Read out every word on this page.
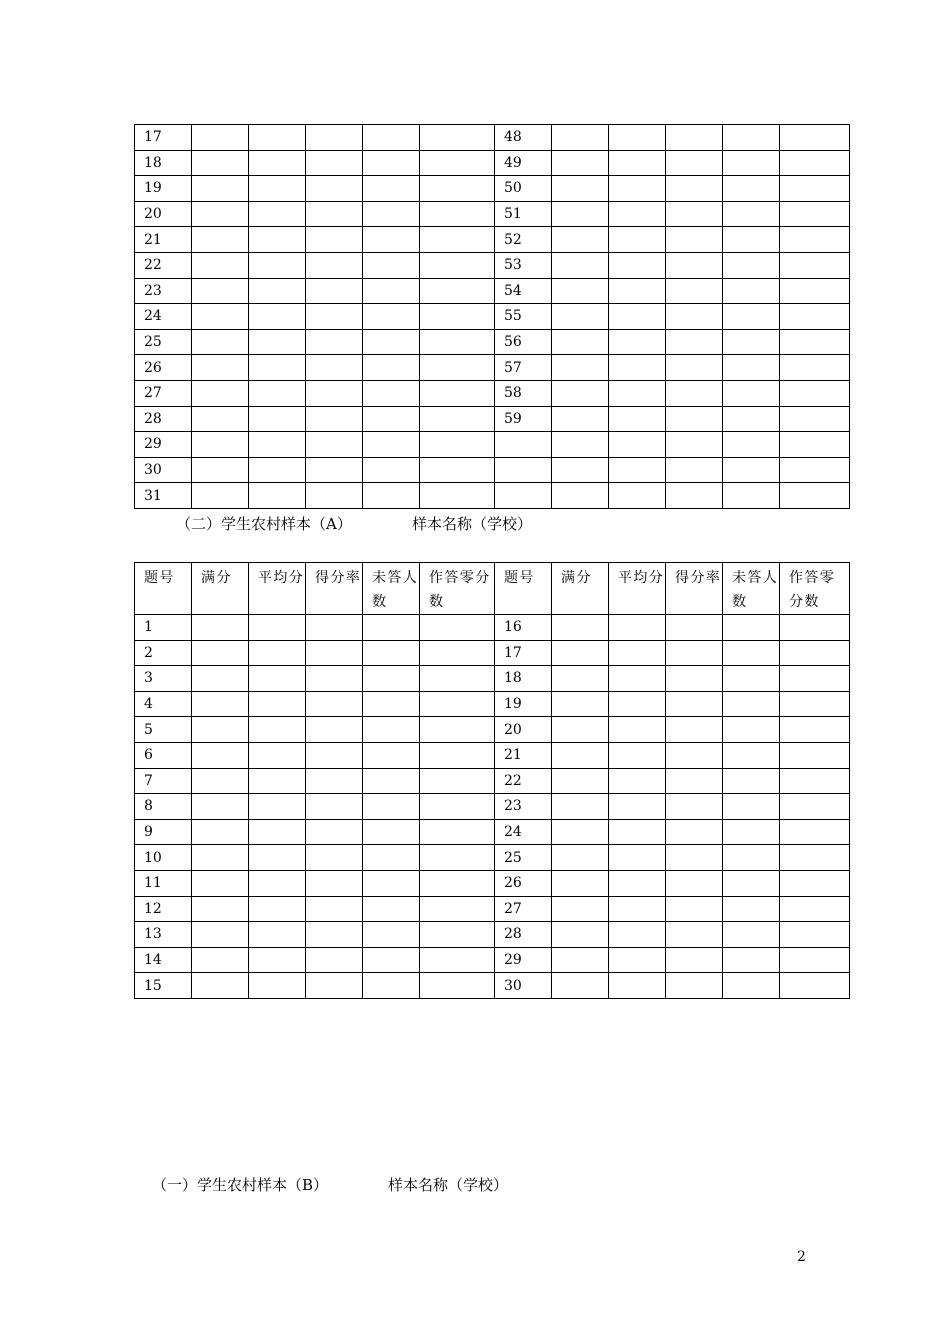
17						48					
18						49					
19						50					
20						51					
21						52					
22						53					
23						54					
24						55					
25						56					
26						57					
27						58					
28						59					
29											
30											
31											
（二）学生农村样本（A）	样本名称（学校）
题号	满分	平均分	得分率	未答人数	作答零分数	题号	满分	平均分	得分率	未答人数	作答零分数
1						16					
2						17					
3						18					
4						19					
5						20					
6						21					
7						22					
8						23					
9						24					
10						25					
11						26					
12						27					
13						28					
14						29					
15						30					
（一）学生农村样本（B）	样本名称（学校）
2
